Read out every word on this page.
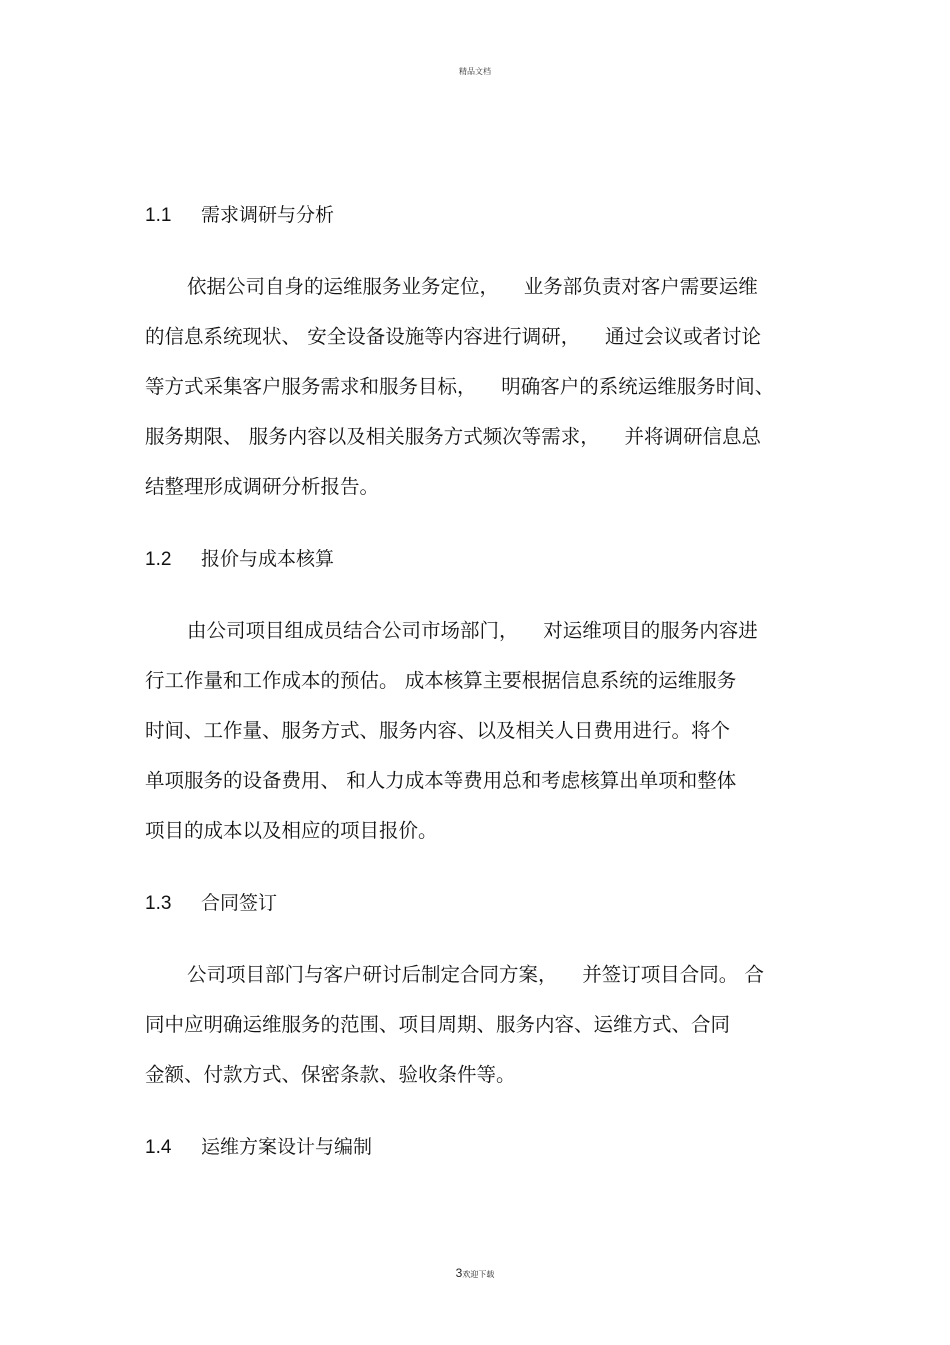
精品文档
1.1 需求调研与分析
依据公司自身的运维服务业务定位，    业务部负责对客户需要运维
的信息系统现状、 安全设备设施等内容进行调研，    通过会议或者讨论
等方式采集客户服务需求和服务目标，    明确客户的系统运维服务时间、
服务期限、 服务内容以及相关服务方式频次等需求，    并将调研信息总
结整理形成调研分析报告。
1.2 报价与成本核算
由公司项目组成员结合公司市场部门，    对运维项目的服务内容进
行工作量和工作成本的预估。 成本核算主要根据信息系统的运维服务
时间、工作量、服务方式、服务内容、以及相关人日费用进行。将个
单项服务的设备费用、 和人力成本等费用总和考虑核算出单项和整体
项目的成本以及相应的项目报价。
1.3 合同签订
公司项目部门与客户研讨后制定合同方案，    并签订项目合同。 合
同中应明确运维服务的范围、项目周期、服务内容、运维方式、合同
金额、付款方式、保密条款、验收条件等。
1.4 运维方案设计与编制
3欢迎下载
